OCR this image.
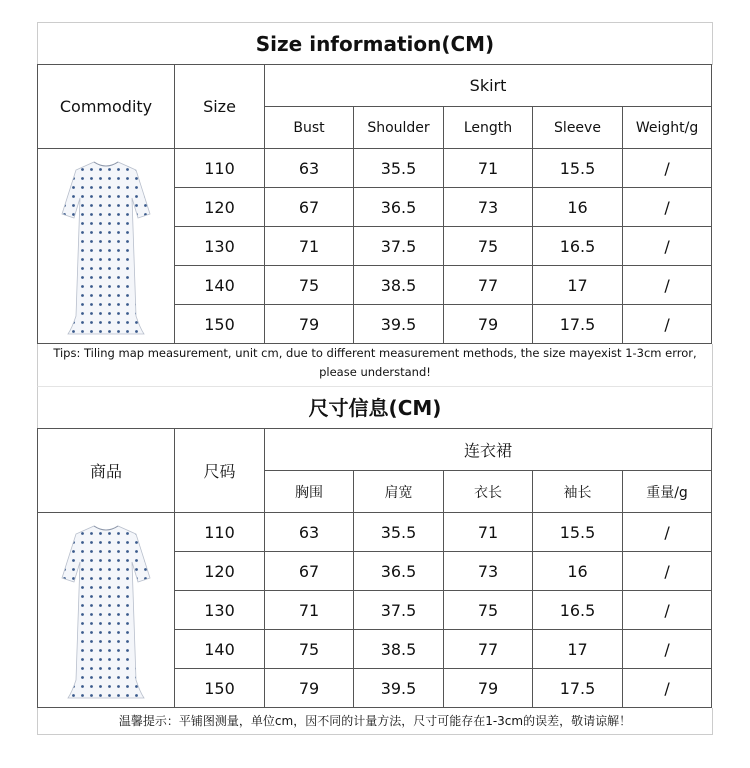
Size information(CM)
Commodity	Size	Skirt				
		Bust	Shoulder	Length	Sleeve	Weight/g

	110	63	35.5	71	15.5	/
	120	67	36.5	73	16	/
	130	71	37.5	75	16.5	/
	140	75	38.5	77	17	/
	150	79	39.5	79	17.5	/
Tips: Tiling map measurement, unit cm, due to different measurement methods, the size mayexist 1-3cm error, please understand!
尺寸信息(CM)
商品	尺码	连衣裙				
		胸围	肩宽	衣长	袖长	重量/g

	110	63	35.5	71	15.5	/
	120	67	36.5	73	16	/
	130	71	37.5	75	16.5	/
	140	75	38.5	77	17	/
	150	79	39.5	79	17.5	/
温馨提示：平铺图测量，单位cm，因不同的计量方法，尺寸可能存在1-3cm的误差，敬请谅解！
